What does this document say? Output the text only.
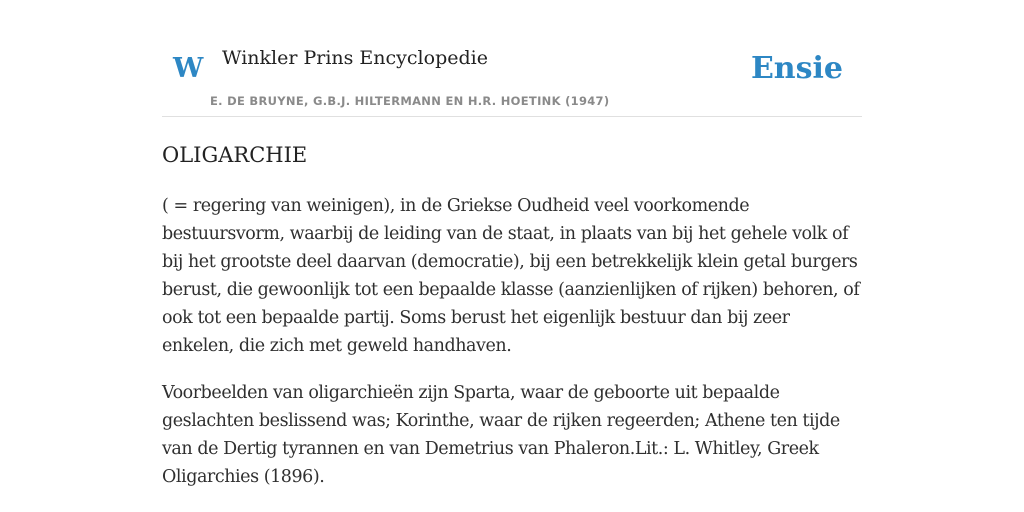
W Winkler Prins Encyclopedie
E. DE BRUYNE, G.B.J. HILTERMANN EN H.R. HOETINK (1947)
Ensie
OLIGARCHIE

( = regering van weinigen), in de Griekse Oudheid veel voorkomende bestuursvorm, waarbij de leiding van de staat, in plaats van bij het gehele volk of bij het grootste deel daarvan (democratie), bij een betrekkelijk klein getal burgers berust, die gewoonlijk tot een bepaalde klasse (aanzienlijken of rijken) behoren, of ook tot een bepaalde partij. Soms berust het eigenlijk bestuur dan bij zeer enkelen, die zich met geweld handhaven.

Voorbeelden van oligarchieën zijn Sparta, waar de geboorte uit bepaalde geslachten beslissend was; Korinthe, waar de rijken regeerden; Athene ten tijde van de Dertig tyrannen en van Demetrius van Phaleron.Lit.: L. Whitley, Greek Oligarchies (1896).
